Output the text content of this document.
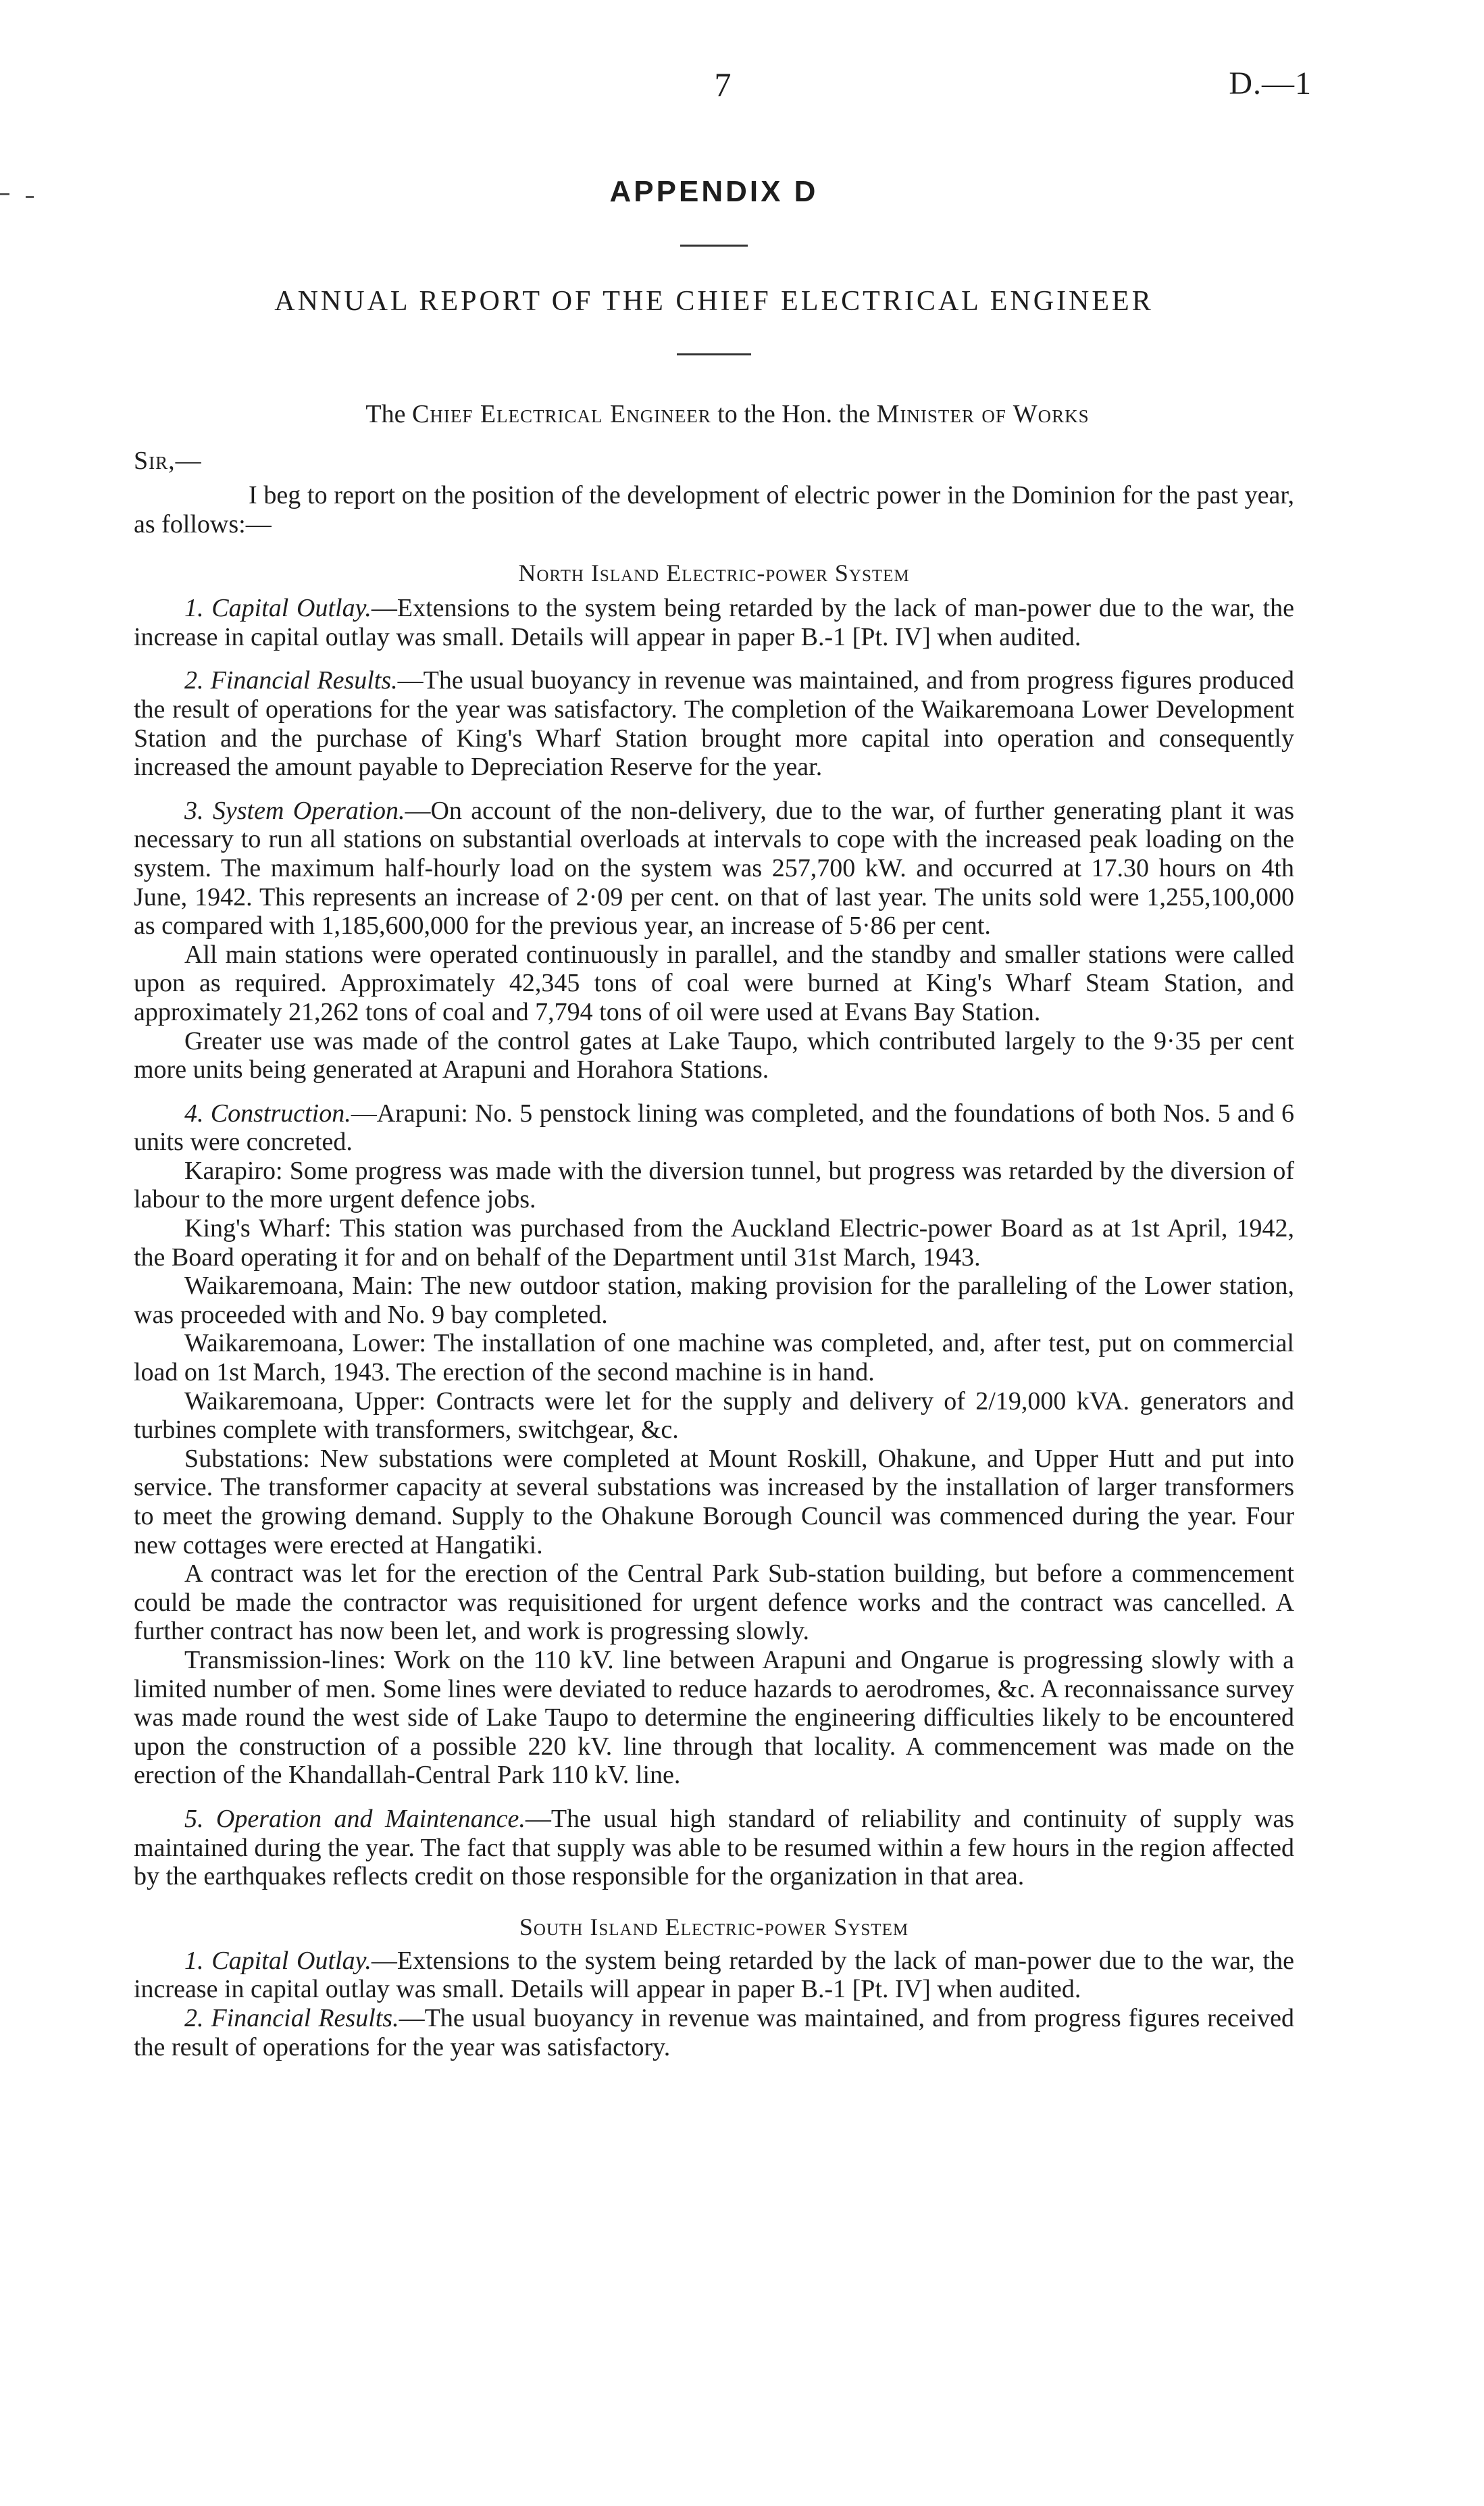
7	D.—1
APPENDIX D
ANNUAL REPORT OF THE CHIEF ELECTRICAL ENGINEER
The Chief Electrical Engineer to the Hon. the Minister of Works
Sir,—

I beg to report on the position of the development of electric power in the Dominion for the past year, as follows:—

North Island Electric-power System

1. Capital Outlay.—Extensions to the system being retarded by the lack of man-power due to the war, the increase in capital outlay was small. Details will appear in paper B.-1 [Pt. IV] when audited.

2. Financial Results.—The usual buoyancy in revenue was maintained, and from progress figures produced the result of operations for the year was satisfactory. The completion of the Waikaremoana Lower Development Station and the purchase of King's Wharf Station brought more capital into operation and consequently increased the amount payable to Depreciation Reserve for the year.

3. System Operation.—On account of the non-delivery, due to the war, of further generating plant it was necessary to run all stations on substantial overloads at intervals to cope with the increased peak loading on the system. The maximum half-hourly load on the system was 257,700 kW. and occurred at 17.30 hours on 4th June, 1942. This represents an increase of 2·09 per cent. on that of last year. The units sold were 1,255,100,000 as compared with 1,185,600,000 for the previous year, an increase of 5·86 per cent.

All main stations were operated continuously in parallel, and the standby and smaller stations were called upon as required. Approximately 42,345 tons of coal were burned at King's Wharf Steam Station, and approximately 21,262 tons of coal and 7,794 tons of oil were used at Evans Bay Station.

Greater use was made of the control gates at Lake Taupo, which contributed largely to the 9·35 per cent more units being generated at Arapuni and Horahora Stations.

4. Construction.—Arapuni: No. 5 penstock lining was completed, and the foundations of both Nos. 5 and 6 units were concreted.

Karapiro: Some progress was made with the diversion tunnel, but progress was retarded by the diversion of labour to the more urgent defence jobs.

King's Wharf: This station was purchased from the Auckland Electric-power Board as at 1st April, 1942, the Board operating it for and on behalf of the Department until 31st March, 1943.

Waikaremoana, Main: The new outdoor station, making provision for the paralleling of the Lower station, was proceeded with and No. 9 bay completed.

Waikaremoana, Lower: The installation of one machine was completed, and, after test, put on commercial load on 1st March, 1943. The erection of the second machine is in hand.

Waikaremoana, Upper: Contracts were let for the supply and delivery of 2/19,000 kVA. generators and turbines complete with transformers, switchgear, &c.

Substations: New substations were completed at Mount Roskill, Ohakune, and Upper Hutt and put into service. The transformer capacity at several substations was increased by the installation of larger transformers to meet the growing demand. Supply to the Ohakune Borough Council was commenced during the year. Four new cottages were erected at Hangatiki.

A contract was let for the erection of the Central Park Sub-station building, but before a commencement could be made the contractor was requisitioned for urgent defence works and the contract was cancelled. A further contract has now been let, and work is progressing slowly.

Transmission-lines: Work on the 110 kV. line between Arapuni and Ongarue is progressing slowly with a limited number of men. Some lines were deviated to reduce hazards to aerodromes, &c. A reconnaissance survey was made round the west side of Lake Taupo to determine the engineering difficulties likely to be encountered upon the construction of a possible 220 kV. line through that locality. A commencement was made on the erection of the Khandallah-Central Park 110 kV. line.

5. Operation and Maintenance.—The usual high standard of reliability and continuity of supply was maintained during the year. The fact that supply was able to be resumed within a few hours in the region affected by the earthquakes reflects credit on those responsible for the organization in that area.

South Island Electric-power System

1. Capital Outlay.—Extensions to the system being retarded by the lack of man-power due to the war, the increase in capital outlay was small. Details will appear in paper B.-1 [Pt. IV] when audited.

2. Financial Results.—The usual buoyancy in revenue was maintained, and from progress figures received the result of operations for the year was satisfactory.
